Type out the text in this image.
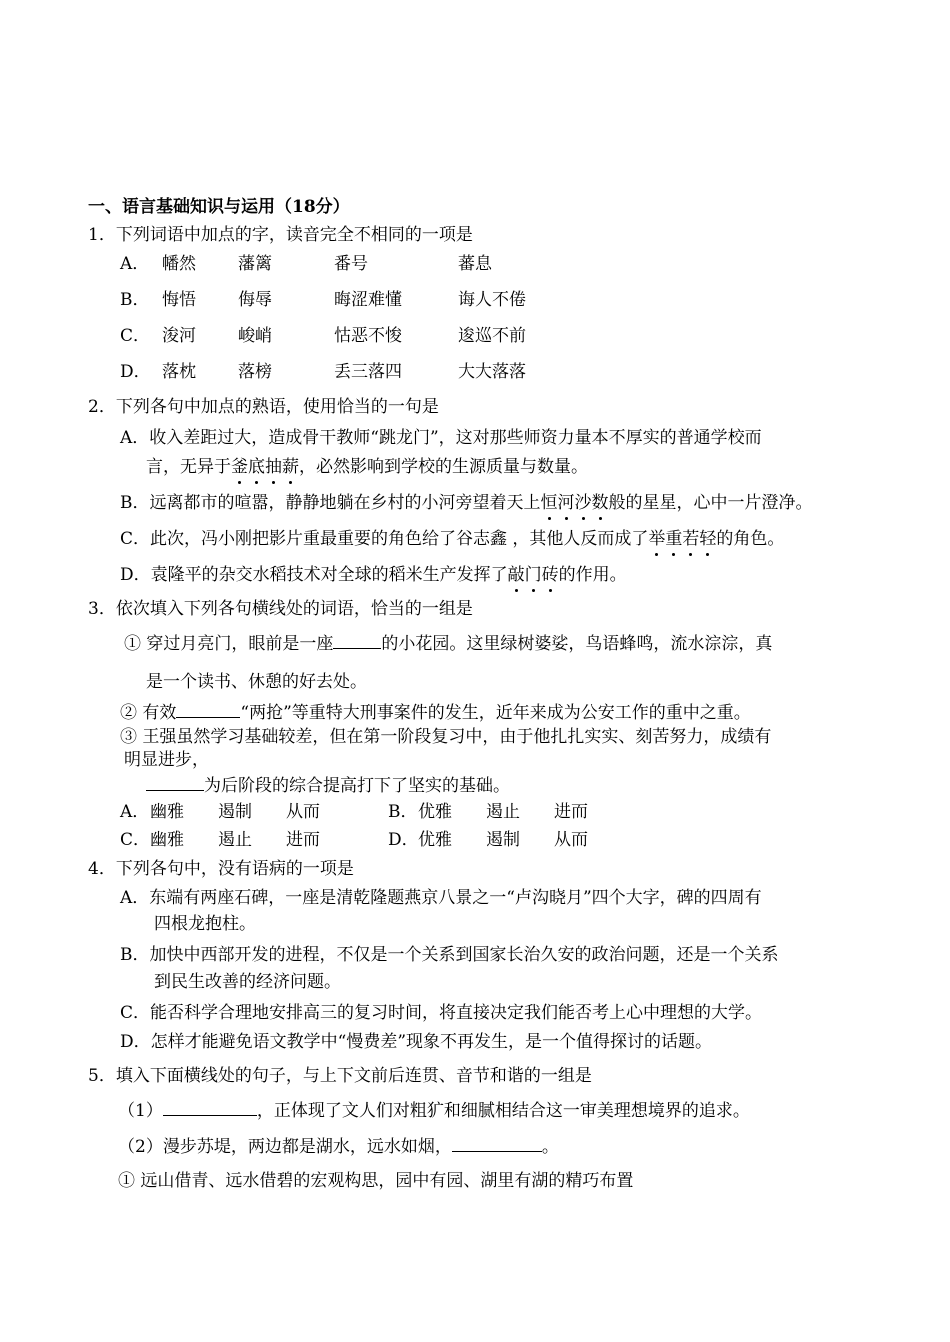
一、语言基础知识与运用（18分）
1．下列词语中加点的字，读音完全不相同的一项是
A． 幡然 藩篱	番号	蕃息
B． 悔悟 侮辱	晦涩难懂	诲人不倦
C． 浚河 峻峭	怙恶不悛	逡巡不前
D． 落枕 落榜	丢三落四	大大落落
2．下列各句中加点的熟语，使用恰当的一句是
A．收入差距过大，造成骨干教师“跳龙门”，这对那些师资力量本不厚实的普通学校而
言，无异于釜底抽薪，必然影响到学校的生源质量与数量。
B．远离都市的喧嚣，静静地躺在乡村的小河旁望着天上恒河沙数般的星星，心中一片澄净。
C．此次，冯小刚把影片重最重要的角色给了谷志鑫 ，其他人反而成了举重若轻的角色。
D．袁隆平的杂交水稻技术对全球的稻米生产发挥了敲门砖的作用。
3．依次填入下列各句横线处的词语，恰当的一组是
① 穿过月亮门，眼前是一座	的小花园。这里绿树婆娑，鸟语蜂鸣，流水淙淙，真
是一个读书、休憩的好去处。
② 有效	“两抢”等重特大刑事案件的发生，近年来成为公安工作的重中之重。
③ 王强虽然学习基础较差，但在第一阶段复习中，由于他扎扎实实、刻苦努力，成绩有
明显进步，
为后阶段的综合提高打下了坚实的基础。
A． 幽雅 遏制 从而	B． 优雅 遏止 进而
C． 幽雅 遏止 进而	D． 优雅 遏制 从而
4．下列各句中，没有语病的一项是
A．东端有两座石碑，一座是清乾隆题燕京八景之一“卢沟晓月”四个大字，碑的四周有
四根龙抱柱。
B．加快中西部开发的进程，不仅是一个关系到国家长治久安的政治问题，还是一个关系
到民生改善的经济问题。
C．能否科学合理地安排高三的复习时间，将直接决定我们能否考上心中理想的大学。
D．怎样才能避免语文教学中“慢费差”现象不再发生，是一个值得探讨的话题。
5．填入下面横线处的句子，与上下文前后连贯、音节和谐的一组是
（1）	，正体现了文人们对粗犷和细腻相结合这一审美理想境界的追求。
（2）漫步苏堤，两边都是湖水，远水如烟，	。
① 远山借青、远水借碧的宏观构思，园中有园、湖里有湖的精巧布置
